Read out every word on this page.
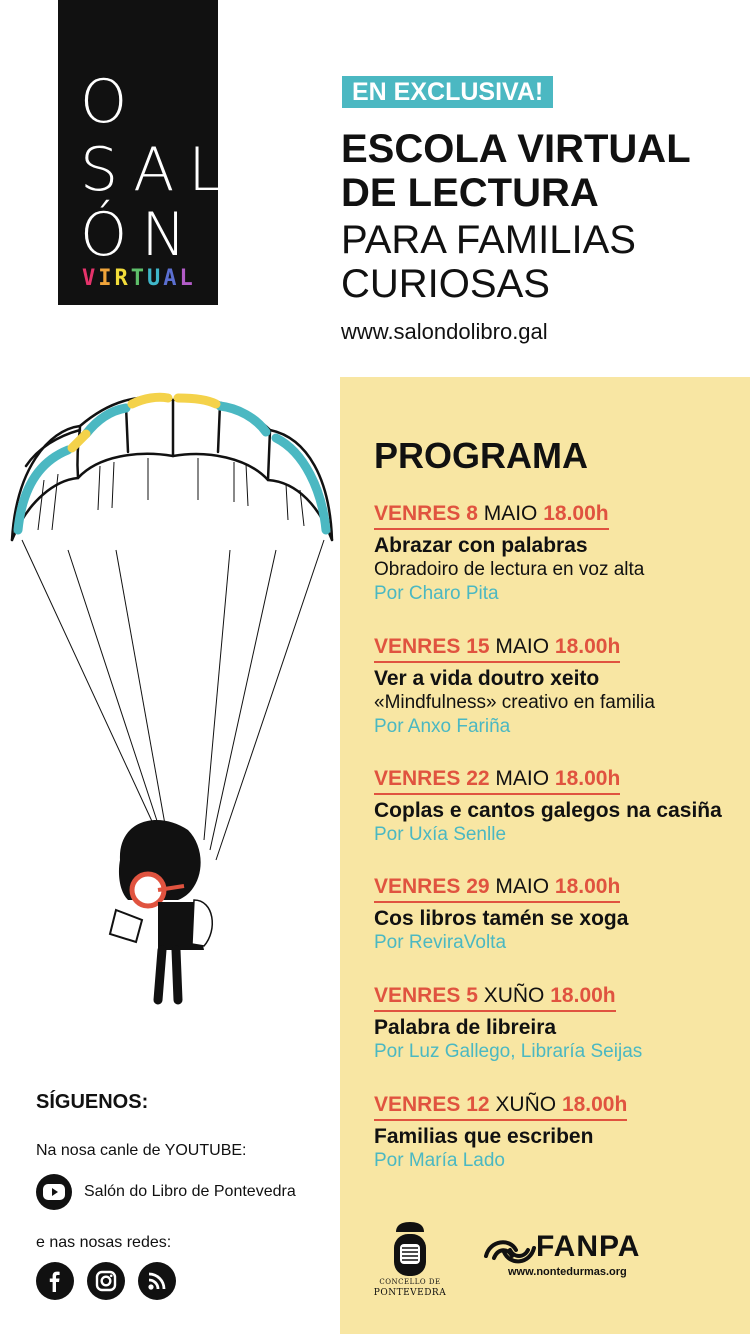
O
SAL
ÓN
VIRTUAL
EN EXCLUSIVA!
ESCOLA VIRTUAL
DE LECTURA
PARA FAMILIAS
CURIOSAS
www.salondolibro.gal
PROGRAMA
VENRES 8 MAIO 18.00h
Abrazar con palabras
Obradoiro de lectura en voz alta
Por Charo Pita
VENRES 15 MAIO 18.00h
Ver a vida doutro xeito
«Mindfulness» creativo en familia
Por Anxo Fariña
VENRES 22 MAIO 18.00h
Coplas e cantos galegos na casiña
Por Uxía Senlle
VENRES 29 MAIO 18.00h
Cos libros tamén se xoga
Por ReviraVolta
VENRES 5 XUÑO 18.00h
Palabra de libreira
Por Luz Gallego, Libraría Seijas
VENRES 12 XUÑO 18.00h
Familias que escriben
Por María Lado
SÍGUENOS:
Na nosa canle de YOUTUBE:
Salón do Libro de Pontevedra
e nas nosas redes:
CONCELLO DE
PONTEVEDRA
FANPA
www.nontedurmas.org
